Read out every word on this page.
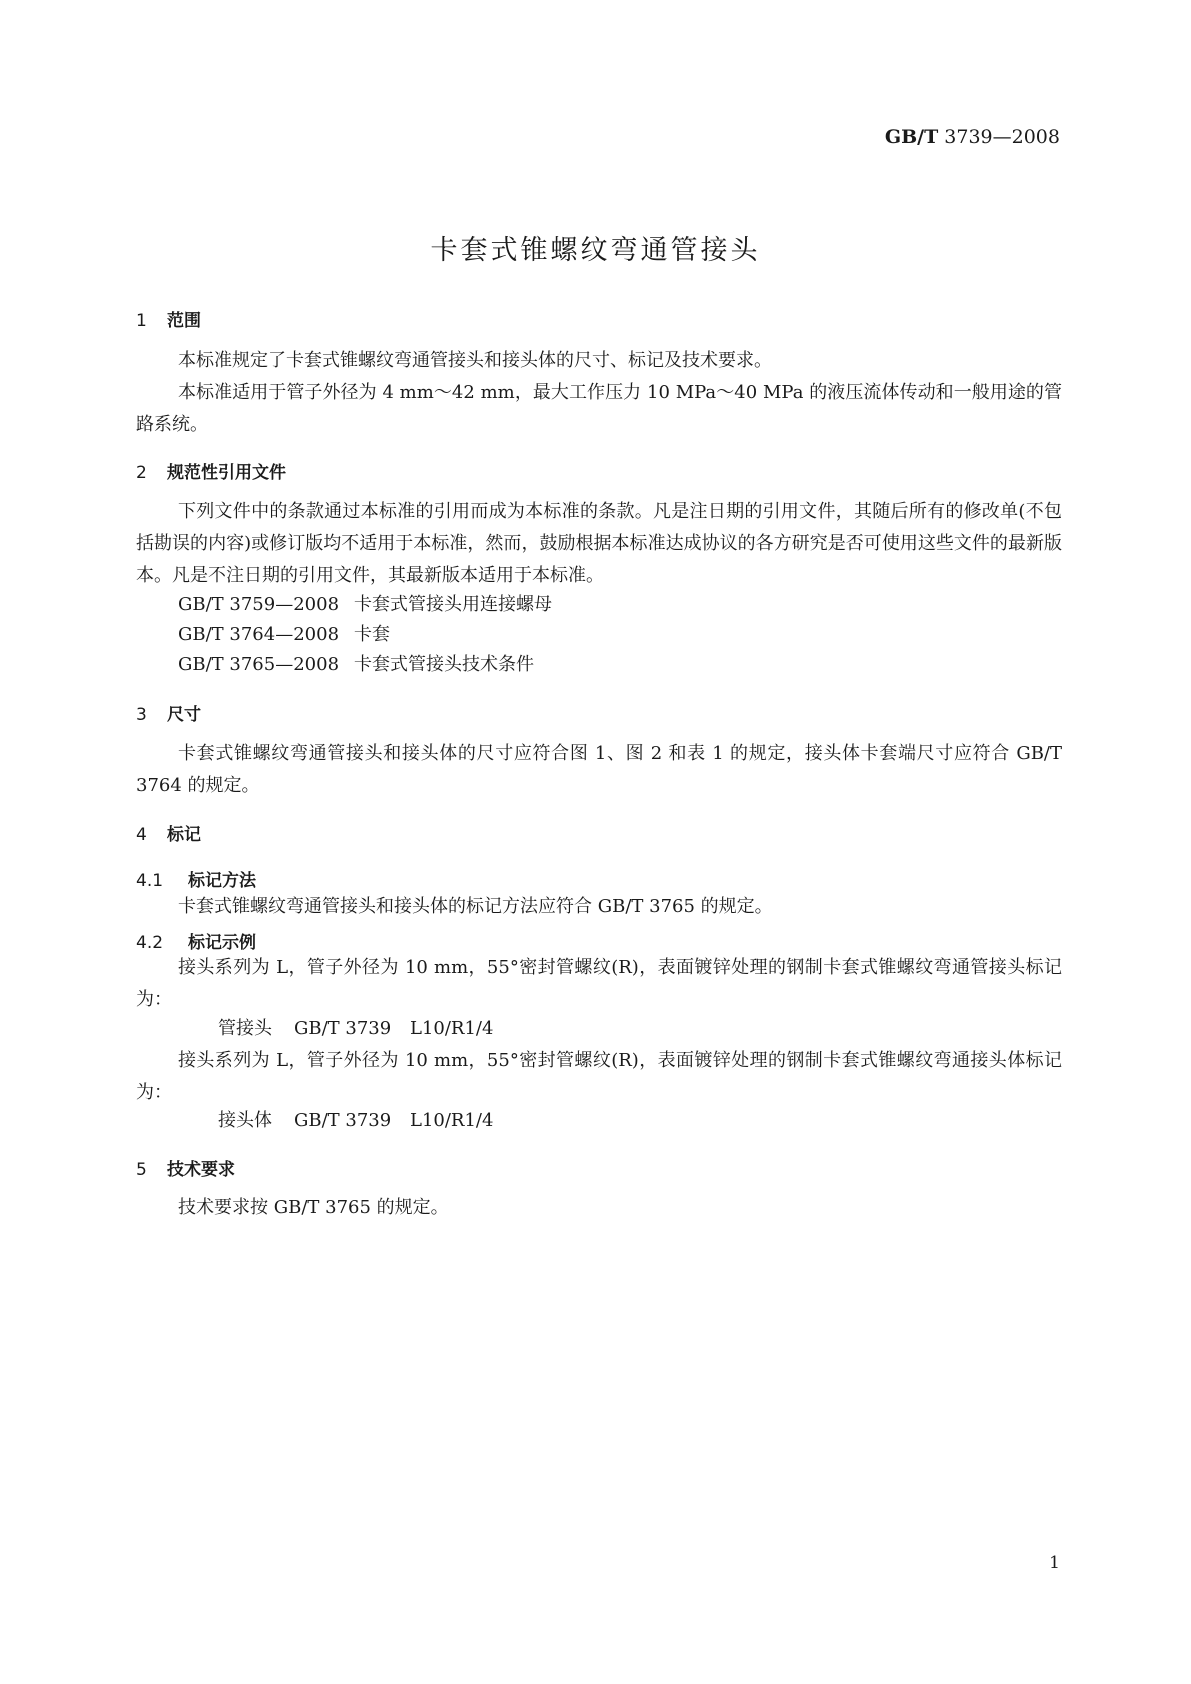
GB/T 3739—2008
卡套式锥螺纹弯通管接头
1 范围
本标准规定了卡套式锥螺纹弯通管接头和接头体的尺寸、标记及技术要求。
本标准适用于管子外径为 4 mm～42 mm，最大工作压力 10 MPa～40 MPa 的液压流体传动和一般用途的管路系统。
2 规范性引用文件
下列文件中的条款通过本标准的引用而成为本标准的条款。凡是注日期的引用文件，其随后所有的修改单(不包括勘误的内容)或修订版均不适用于本标准，然而，鼓励根据本标准达成协议的各方研究是否可使用这些文件的最新版本。凡是不注日期的引用文件，其最新版本适用于本标准。
GB/T 3759—2008 卡套式管接头用连接螺母
GB/T 3764—2008 卡套
GB/T 3765—2008 卡套式管接头技术条件
3 尺寸
卡套式锥螺纹弯通管接头和接头体的尺寸应符合图 1、图 2 和表 1 的规定，接头体卡套端尺寸应符合 GB/T 3764 的规定。
4 标记
4.1 标记方法
卡套式锥螺纹弯通管接头和接头体的标记方法应符合 GB/T 3765 的规定。
4.2 标记示例
接头系列为 L，管子外径为 10 mm，55°密封管螺纹(R)，表面镀锌处理的钢制卡套式锥螺纹弯通管接头标记为：
管接头 GB/T 3739 L10/R1/4
接头系列为 L，管子外径为 10 mm，55°密封管螺纹(R)，表面镀锌处理的钢制卡套式锥螺纹弯通接头体标记为：
接头体 GB/T 3739 L10/R1/4
5 技术要求
技术要求按 GB/T 3765 的规定。
1
